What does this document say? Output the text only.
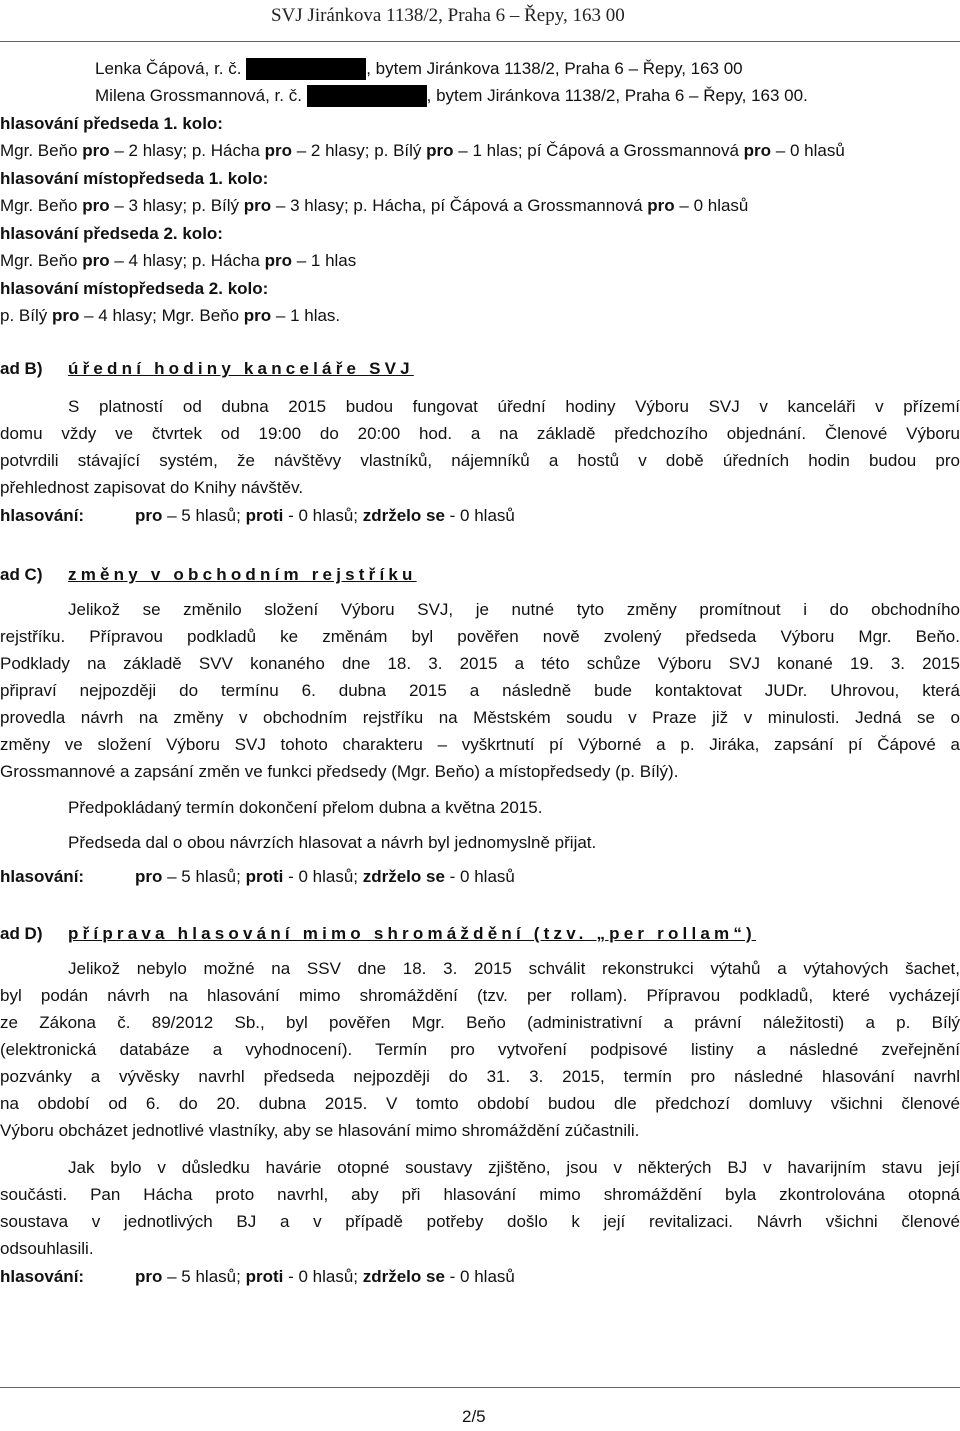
SVJ Jiránkova 1138/2, Praha 6 – Řepy, 163 00
Lenka Čápová, r. č.	, bytem Jiránkova 1138/2, Praha 6 – Řepy, 163 00
Milena Grossmannová, r. č.	, bytem Jiránkova 1138/2, Praha 6 – Řepy, 163 00.
hlasování předseda 1. kolo:
Mgr. Beňo pro – 2 hlasy; p. Hácha pro – 2 hlasy; p. Bílý pro – 1 hlas; pí Čápová a Grossmannová pro – 0 hlasů
hlasování místopředseda 1. kolo:
Mgr. Beňo pro – 3 hlasy; p. Bílý pro – 3 hlasy; p. Hácha, pí Čápová a Grossmannová pro – 0 hlasů
hlasování předseda 2. kolo:
Mgr. Beňo pro – 4 hlasy; p. Hácha pro – 1 hlas
hlasování místopředseda 2. kolo:
p. Bílý pro – 4 hlasy; Mgr. Beňo pro – 1 hlas.
ad B) úřední hodiny kanceláře SVJ
S platností od dubna 2015 budou fungovat úřední hodiny Výboru SVJ v kanceláři v přízemí
domu vždy ve čtvrtek od 19:00 do 20:00 hod. a na základě předchozího objednání. Členové Výboru
potvrdili stávající systém, že návštěvy vlastníků, nájemníků a hostů v době úředních hodin budou pro
přehlednost zapisovat do Knihy návštěv.
hlasování:	pro – 5 hlasů; proti - 0 hlasů; zdrželo se - 0 hlasů
ad C) změny v obchodním rejstříku
Jelikož se změnilo složení Výboru SVJ, je nutné tyto změny promítnout i do obchodního
rejstříku. Přípravou podkladů ke změnám byl pověřen nově zvolený předseda Výboru Mgr. Beňo.
Podklady na základě SVV konaného dne 18. 3. 2015 a této schůze Výboru SVJ konané 19. 3. 2015
připraví nejpozději do termínu 6. dubna 2015 a následně bude kontaktovat JUDr. Uhrovou, která
provedla návrh na změny v obchodním rejstříku na Městském soudu v Praze již v minulosti. Jedná se o
změny ve složení Výboru SVJ tohoto charakteru – vyškrtnutí pí Výborné a p. Jiráka, zapsání pí Čápové a
Grossmannové a zapsání změn ve funkci předsedy (Mgr. Beňo) a místopředsedy (p. Bílý).
Předpokládaný termín dokončení přelom dubna a května 2015.
Předseda dal o obou návrzích hlasovat a návrh byl jednomyslně přijat.
hlasování:	pro – 5 hlasů; proti - 0 hlasů; zdrželo se - 0 hlasů
ad D) příprava hlasování mimo shromáždění (tzv. „per rollam“)
Jelikož nebylo možné na SSV dne 18. 3. 2015 schválit rekonstrukci výtahů a výtahových šachet,
byl podán návrh na hlasování mimo shromáždění (tzv. per rollam). Přípravou podkladů, které vycházejí
ze Zákona č. 89/2012 Sb., byl pověřen Mgr. Beňo (administrativní a právní náležitosti) a p. Bílý
(elektronická databáze a vyhodnocení). Termín pro vytvoření podpisové listiny a následné zveřejnění
pozvánky a vývěsky navrhl předseda nejpozději do 31. 3. 2015, termín pro následné hlasování navrhl
na období od 6. do 20. dubna 2015. V tomto období budou dle předchozí domluvy všichni členové
Výboru obcházet jednotlivé vlastníky, aby se hlasování mimo shromáždění zúčastnili.
Jak bylo v důsledku havárie otopné soustavy zjištěno, jsou v některých BJ v havarijním stavu její
součásti. Pan Hácha proto navrhl, aby při hlasování mimo shromáždění byla zkontrolována otopná
soustava v jednotlivých BJ a v případě potřeby došlo k její revitalizaci. Návrh všichni členové
odsouhlasili.
hlasování:	pro – 5 hlasů; proti - 0 hlasů; zdrželo se - 0 hlasů
2/5
